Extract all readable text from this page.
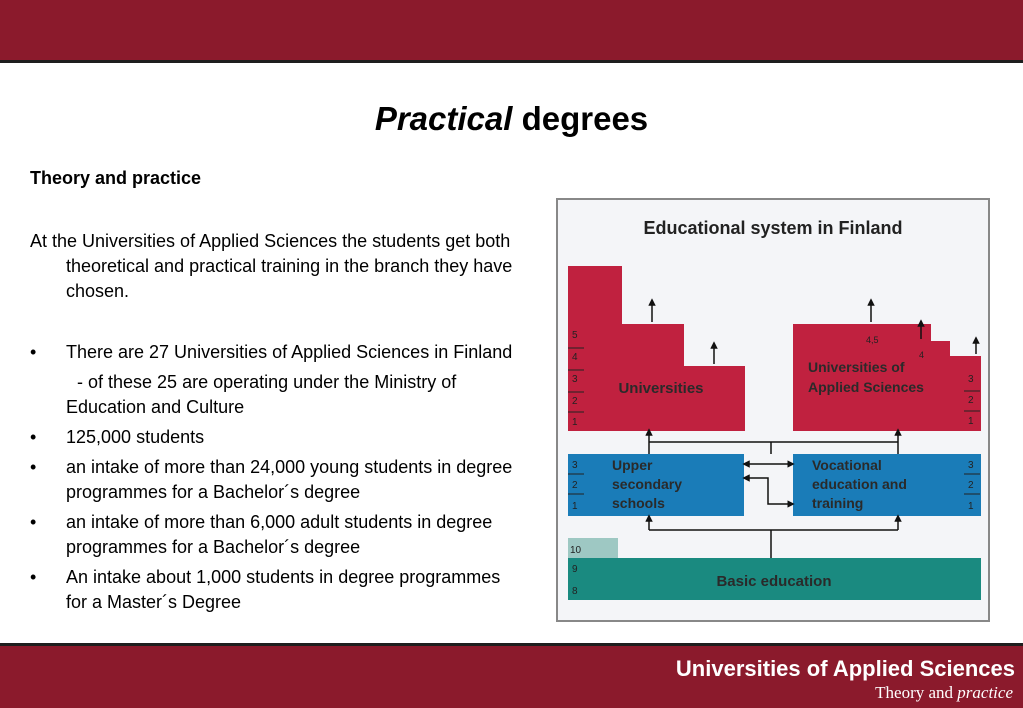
Practical degrees
Theory and practice
At the Universities of Applied Sciences the students get both theoretical and practical training in the branch they have chosen.
•	There are 27 Universities of Applied Sciences in Finland
- of these 25 are operating under the Ministry of Education and Culture
•	125,000 students
•	an intake of more than 24,000 young students in degree programmes for a Bachelor´s degree
•	an intake of more than 6,000 adult students in degree programmes for a Bachelor´s degree
•	An intake about 1,000 students in degree programmes for a Master´s Degree
Educational system in Finland
5
4
3
2
1
Universities
Universities of
Applied Sciences
4,5
4
3
2
1
3
2
1
Upper
secondary
schools
3
2
1
Vocational
education and
training
10
9
8
Basic education
Universities of Applied Sciences
Theory and practice
